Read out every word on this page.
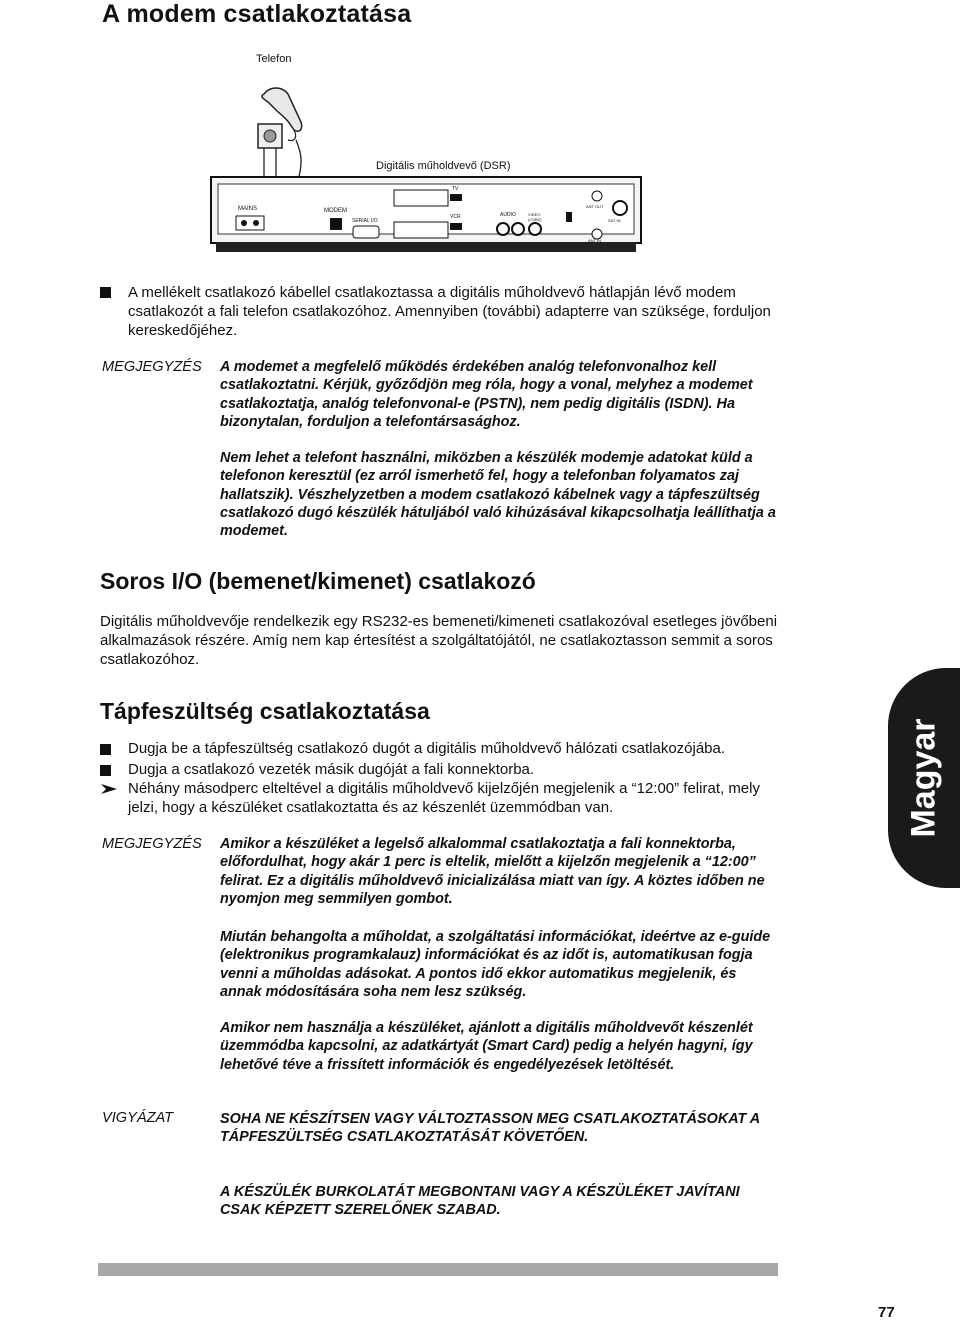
A modem csatlakoztatása
Telefon
Digitális műholdvevő (DSR)
MAINS	MODEM
SERIAL I/O
TV
VCR	AUDIO	VIDEO (CVBS)
ANT OUT
SAT IN
ANT IN

A mellékelt csatlakozó kábellel csatlakoztassa a digitális műholdvevő hátlapján lévő modem csatlakozót a fali telefon csatlakozóhoz. Amennyiben (további) adapterre van szüksége, forduljon kereskedőjéhez.

MEGJEGYZÉS A modemet a megfelelő működés érdekében analóg telefonvonalhoz kell csatlakoztatni. Kérjük, győződjön meg róla, hogy a vonal, melyhez a modemet csatlakoztatja, analóg telefonvonal-e (PSTN), nem pedig digitális (ISDN). Ha bizonytalan, forduljon a telefontársasághoz.

Nem lehet a telefont használni, miközben a készülék modemje adatokat küld a telefonon keresztül (ez arról ismerhető fel, hogy a telefonban folyamatos zaj hallatszik). Vészhelyzetben a modem csatlakozó kábelnek vagy a tápfeszültség csatlakozó dugó készülék hátuljából való kihúzásával kikapcsolhatja leállíthatja a modemet.

Soros I/O (bemenet/kimenet) csatlakozó

Digitális műholdvevője rendelkezik egy RS232-es bemeneti/kimeneti csatlakozóval esetleges jövőbeni alkalmazások részére. Amíg nem kap értesítést a szolgáltatójától, ne csatlakoztasson semmit a soros csatlakozóhoz.

Tápfeszültség csatlakoztatása

Dugja be a tápfeszültség csatlakozó dugót a digitális műholdvevő hálózati csatlakozójába.

Dugja a csatlakozó vezeték másik dugóját a fali konnektorba.

Néhány másodperc elteltével a digitális műholdvevő kijelzőjén megjelenik a “12:00” felirat, mely jelzi, hogy a készüléket csatlakoztatta és az készenlét üzemmódban van.

MEGJEGYZÉS Amikor a készüléket a legelső alkalommal csatlakoztatja a fali konnektorba, előfordulhat, hogy akár 1 perc is eltelik, mielőtt a kijelzőn megjelenik a “12:00” felirat. Ez a digitális műholdvevő inicializálása miatt van így. A köztes időben ne nyomjon meg semmilyen gombot.

Miután behangolta a műholdat, a szolgáltatási információkat, ideértve az e-guide (elektronikus programkalauz) információkat és az időt is, automatikusan fogja venni a műholdas adásokat. A pontos idő ekkor automatikus megjelenik, és annak módosítására soha nem lesz szükség.

Amikor nem használja a készüléket, ajánlott a digitális műholdvevőt készenlét üzemmódba kapcsolni, az adatkártyát (Smart Card) pedig a helyén hagyni, így lehetővé téve a frissített információk és engedélyezések letöltését.

VIGYÁZAT	SOHA NE KÉSZÍTSEN VAGY VÁLTOZTASSON MEG CSATLAKOZTATÁSOKAT A TÁPFESZÜLTSÉG CSATLAKOZTATÁSÁT KÖVETŐEN.

A KÉSZÜLÉK BURKOLATÁT MEGBONTANI VAGY A KÉSZÜLÉKET JAVÍTANI CSAK KÉPZETT SZERELŐNEK SZABAD.

Magyar
77
